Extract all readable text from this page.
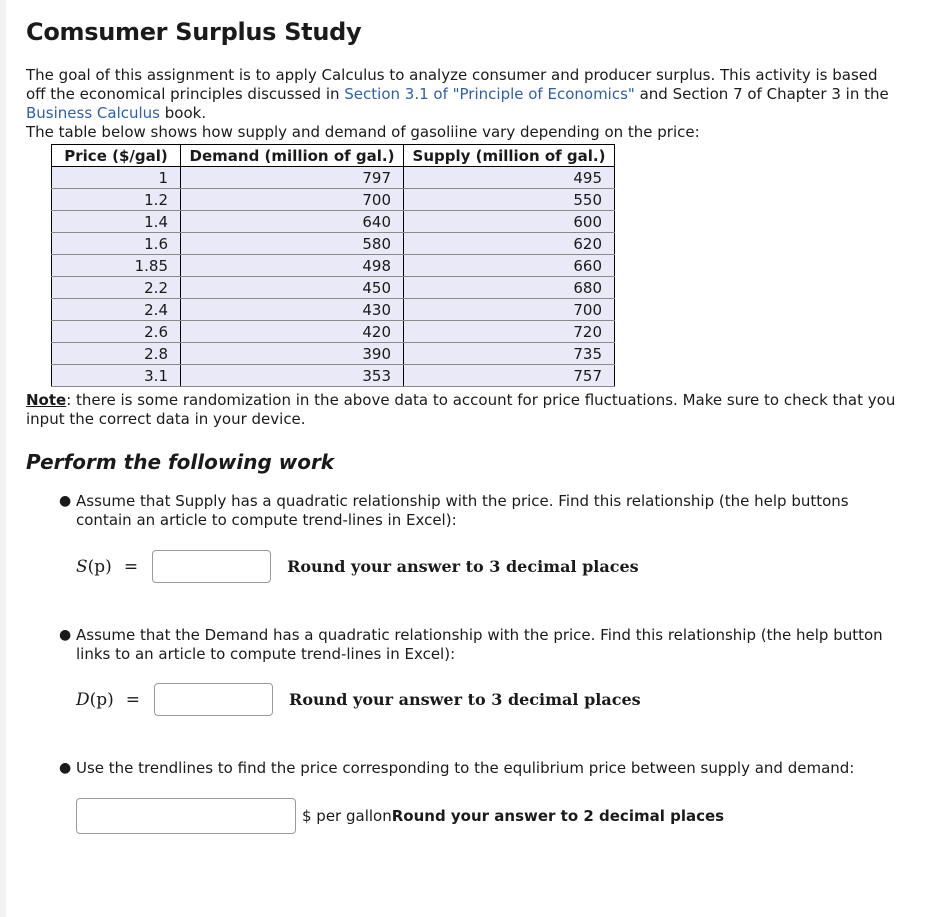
Comsumer Surplus Study

The goal of this assignment is to apply Calculus to analyze consumer and producer surplus. This activity is based off the economical principles discussed in Section 3.1 of "Principle of Economics" and Section 7 of Chapter 3 in the Business Calculus book.

The table below shows how supply and demand of gasoliine vary depending on the price:

Price ($/gal)	Demand (million of gal.)	Supply (million of gal.)
1	797	495
1.2	700	550
1.4	640	600
1.6	580	620
1.85	498	660
2.2	450	680
2.4	430	700
2.6	420	720
2.8	390	735
3.1	353	757
Note: there is some randomization in the above data to account for price fluctuations. Make sure to check that you input the correct data in your device.
Perform the following work
● Assume that Supply has a quadratic relationship with the price. Find this relationship (the help buttons contain an article to compute trend-lines in Excel):
S(p) =	Round your answer to 3 decimal places
● Assume that the Demand has a quadratic relationship with the price. Find this relationship (the help button links to an article to compute trend-lines in Excel):
D(p) =	Round your answer to 3 decimal places
● Use the trendlines to find the price corresponding to the equlibrium price between supply and demand:
$ per gallon Round your answer to 2 decimal places
